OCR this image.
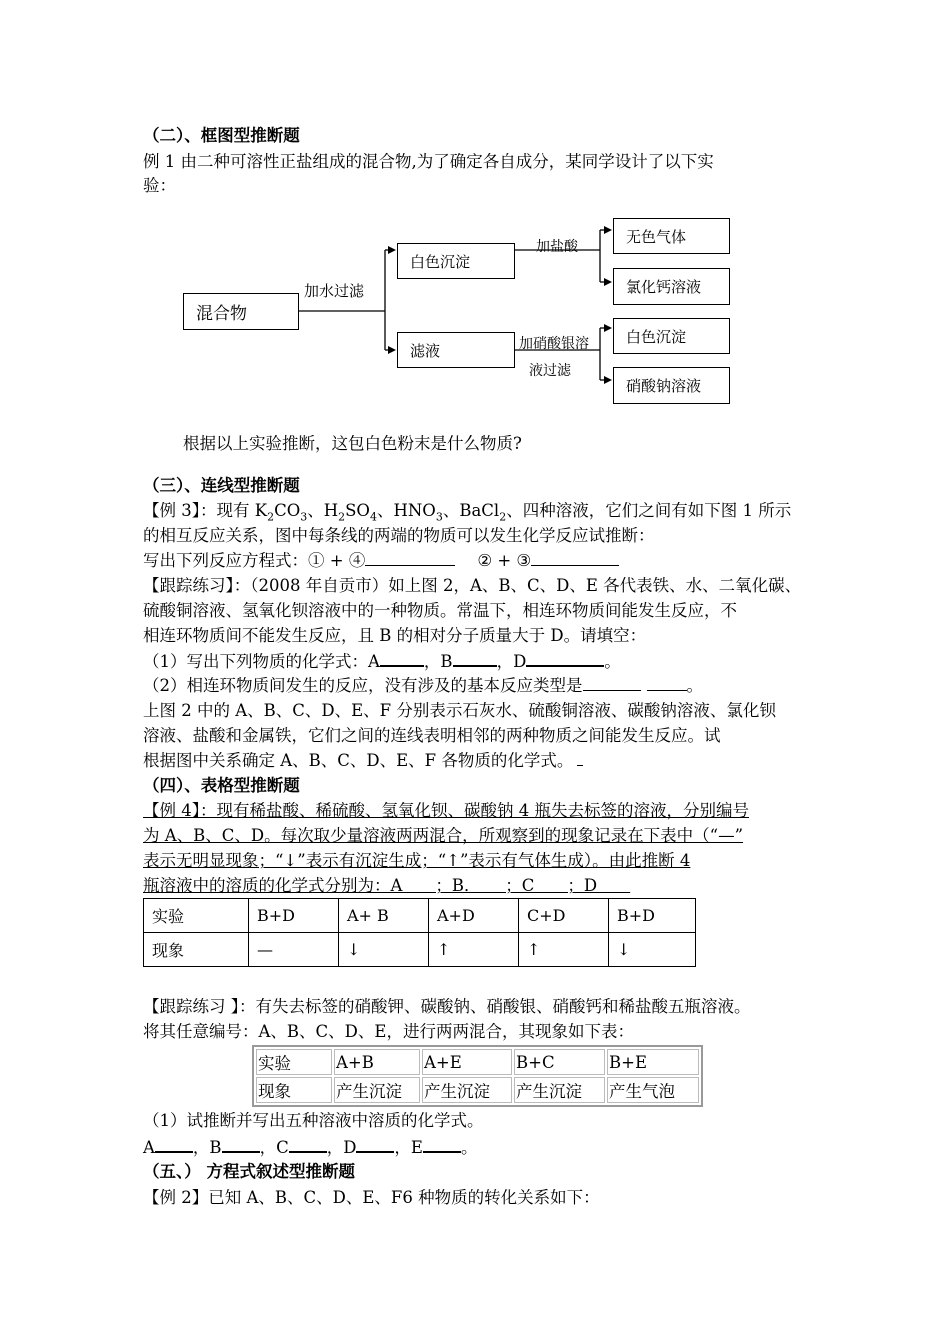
（二）、框图型推断题
例 1 由二种可溶性正盐组成的混合物,为了确定各自成分，某同学设计了以下实
验：
混合物
加水过滤
白色沉淀
加盐酸
无色气体
氯化钙溶液
滤液	加硝酸银溶
液过滤
白色沉淀
硝酸钠溶液
根据以上实验推断，这包白色粉末是什么物质?
（三）、连线型推断题
【例 3】：现有 $K_2CO_3$、$H_2SO_4$、$HNO_3$、BaCl$_2$、四种溶液，它们之间有如下图 1 所示
的相互反应关系，图中每条线的两端的物质可以发生化学反应试推断：
写出下列反应方程式：① + ④	② + ③
【跟踪练习】：（2008 年自贡市）如上图 2，A、B、C、D、E 各代表铁、水、二氧化碳、
硫酸铜溶液、氢氧化钡溶液中的一种物质。常温下，相连环物质间能发生反应，不
相连环物质间不能发生反应，且 B 的相对分子质量大于 D。请填空：
（1）写出下列物质的化学式：A	，B	，D	。
（2）相连环物质间发生的反应，没有涉及的基本反应类型是	。
上图 2 中的 A、B、C、D、E、F 分别表示石灰水、硫酸铜溶液、碳酸钠溶液、氯化钡
溶液、盐酸和金属铁，它们之间的连线表明相邻的两种物质之间能发生反应。试
根据图中关系确定 A、B、C、D、E、F 各物质的化学式。
（四）、表格型推断题
【例 4】：现有稀盐酸、稀硫酸、氢氧化钡、碳酸钠 4 瓶失去标签的溶液，分别编号
为 A、B、C、D。每次取少量溶液两两混合，所观察到的现象记录在下表中（“—”
表示无明显现象；“↓”表示有沉淀生成；“↑”表示有气体生成）。由此推断 4
瓶溶液中的溶质的化学式分别为：A　　；B．　　；C　　；D　　
实验	B+D	A+ B	A+D	C+D	B+D
现象	—	↓	↑	↑	↓
【跟踪练习 】：有失去标签的硝酸钾、碳酸钠、硝酸银、硝酸钙和稀盐酸五瓶溶液。
将其任意编号：A、B、C、D、E，进行两两混合，其现象如下表：
实验	A+B	A+E	B+C	B+E
现象	产生沉淀	产生沉淀	产生沉淀	产生气泡
（1）试推断并写出五种溶液中溶质的化学式。
A ，B ，C ，D ，E 。
（五、） 方程式叙述型推断题
【例 2】已知 A、B、C、D、E、F6 种物质的转化关系如下：
